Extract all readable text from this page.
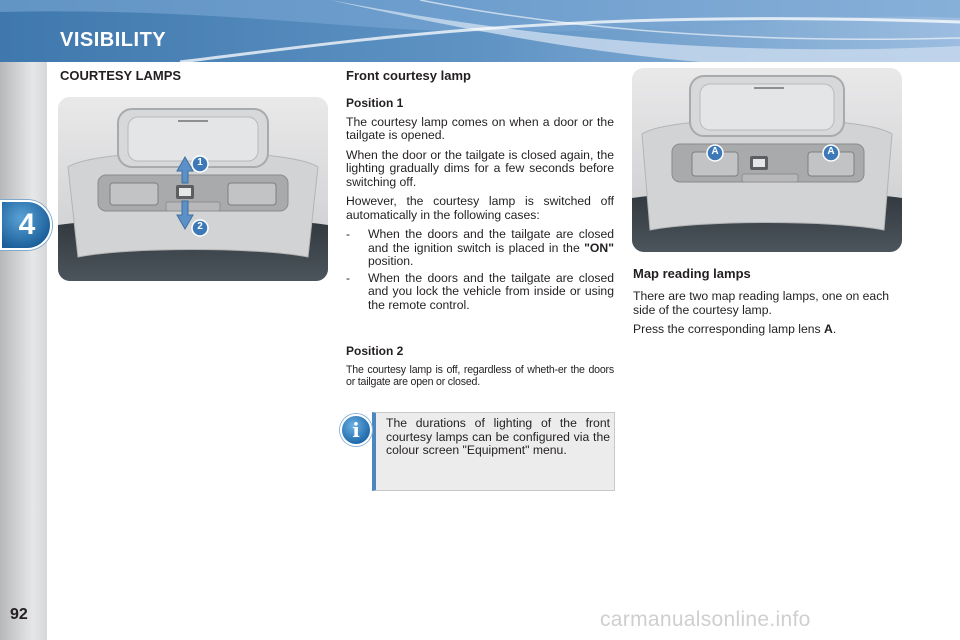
VISIBILITY
4
92
COURTESY LAMPS
1
2
Front courtesy lamp
Position 1

The courtesy lamp comes on when a door or the tailgate is opened.

When the door or the tailgate is closed again, the lighting gradually dims for a few seconds before switching off.

However, the courtesy lamp is switched off automatically in the following cases:

-	When the doors and the tailgate are closed and the ignition switch is placed in the "ON" position.
-	When the doors and the tailgate are closed and you lock the vehicle from inside or using the remote control.
Position 2

The courtesy lamp is off, regardless of wheth-er the doors or tailgate are open or closed.

The durations of lighting of the front courtesy lamps can be configured via the colour screen "Equipment" menu.
i
A	A
Map reading lamps

There are two map reading lamps, one on each side of the courtesy lamp.

Press the corresponding lamp lens A.

carmanualsonline.info
